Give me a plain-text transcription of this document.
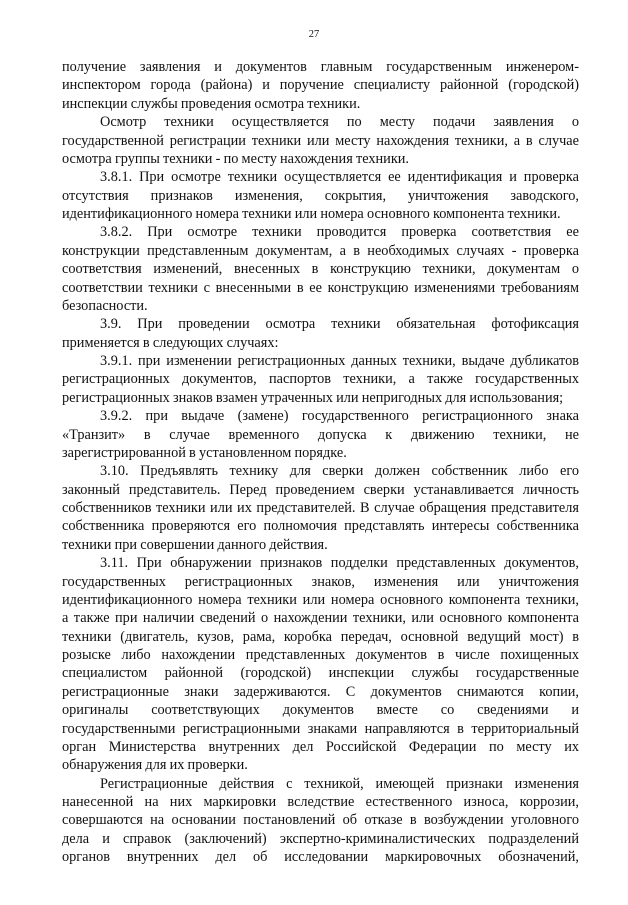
27
получение заявления и документов главным государственным инженером-
инспектором города (района) и поручение специалисту районной (городской)
инспекции службы проведения осмотра техники.
Осмотр техники осуществляется по месту подачи заявления о
государственной регистрации техники или месту нахождения техники, а в случае
осмотра группы техники - по месту нахождения техники.
3.8.1. При осмотре техники осуществляется ее идентификация и проверка
отсутствия признаков изменения, сокрытия, уничтожения заводского,
идентификационного номера техники или номера основного компонента техники.
3.8.2. При осмотре техники проводится проверка соответствия ее
конструкции представленным документам, а в необходимых случаях - проверка
соответствия изменений, внесенных в конструкцию техники, документам о
соответствии техники с внесенными в ее конструкцию изменениями требованиям
безопасности.
3.9. При проведении осмотра техники обязательная фотофиксация
применяется в следующих случаях:
3.9.1. при изменении регистрационных данных техники, выдаче дубликатов
регистрационных документов, паспортов техники, а также государственных
регистрационных знаков взамен утраченных или непригодных для использования;
3.9.2. при выдаче (замене) государственного регистрационного знака
«Транзит» в случае временного допуска к движению техники, не
зарегистрированной в установленном порядке.
3.10. Предъявлять технику для сверки должен собственник либо его
законный представитель. Перед проведением сверки устанавливается личность
собственников техники или их представителей. В случае обращения представителя
собственника проверяются его полномочия представлять интересы собственника
техники при совершении данного действия.
3.11. При обнаружении признаков подделки представленных документов,
государственных регистрационных знаков, изменения или уничтожения
идентификационного номера техники или номера основного компонента техники,
а также при наличии сведений о нахождении техники, или основного компонента
техники (двигатель, кузов, рама, коробка передач, основной ведущий мост) в
розыске либо нахождении представленных документов в числе похищенных
специалистом районной (городской) инспекции службы государственные
регистрационные знаки задерживаются. С документов снимаются копии,
оригиналы соответствующих документов вместе со сведениями и
государственными регистрационными знаками направляются в территориальный
орган Министерства внутренних дел Российской Федерации по месту их
обнаружения для их проверки.
Регистрационные действия с техникой, имеющей признаки изменения
нанесенной на них маркировки вследствие естественного износа, коррозии,
совершаются на основании постановлений об отказе в возбуждении уголовного
дела и справок (заключений) экспертно-криминалистических подразделений
органов внутренних дел об исследовании маркировочных обозначений,
